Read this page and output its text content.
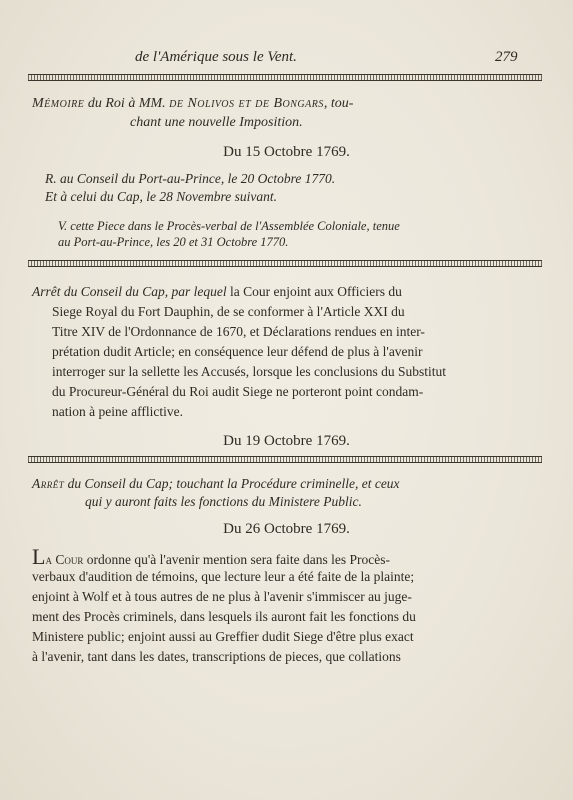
de l'Amérique sous le Vent.	279
Mémoire du Roi à MM. de Nolivos et de Bongars, tou-
chant une nouvelle Imposition.
Du 15 Octobre 1769.
R. au Conseil du Port-au-Prince, le 20 Octobre 1770.
Et à celui du Cap, le 28 Novembre suivant.
V. cette Piece dans le Procès-verbal de l'Assemblée Coloniale, tenue
au Port-au-Prince, les 20 et 31 Octobre 1770.
Arrêt du Conseil du Cap, par lequel la Cour enjoint aux Officiers du
Siege Royal du Fort Dauphin, de se conformer à l'Article XXI du
Titre XIV de l'Ordonnance de 1670, et Déclarations rendues en inter-
prétation dudit Article; en conséquence leur défend de plus à l'avenir
interroger sur la sellette les Accusés, lorsque les conclusions du Substitut
du Procureur-Général du Roi audit Siege ne porteront point condam-
nation à peine afflictive.
Du 19 Octobre 1769.
Arrêt du Conseil du Cap; touchant la Procédure criminelle, et ceux
qui y auront faits les fonctions du Ministere Public.
Du 26 Octobre 1769.
La Cour ordonne qu'à l'avenir mention sera faite dans les Procès-
verbaux d'audition de témoins, que lecture leur a été faite de la plainte;
enjoint à Wolf et à tous autres de ne plus à l'avenir s'immiscer au juge-
ment des Procès criminels, dans lesquels ils auront fait les fonctions du
Ministere public; enjoint aussi au Greffier dudit Siege d'être plus exact
à l'avenir, tant dans les dates, transcriptions de pieces, que collations
